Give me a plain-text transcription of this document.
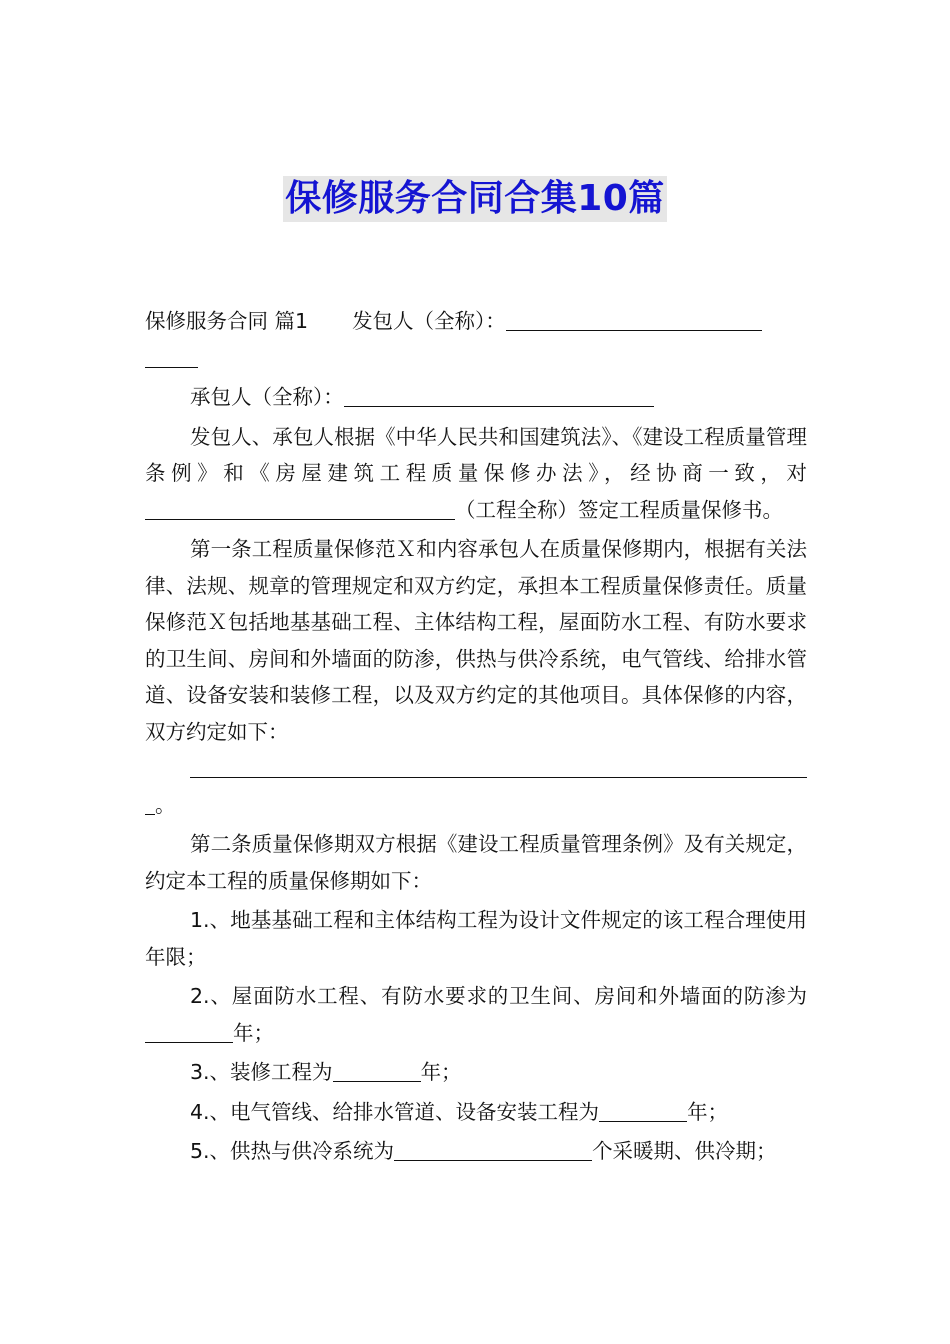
保修服务合同合集10篇

保修服务合同 篇1 发包人（全称）：

承包人（全称）：

发包人、承包人根据《中华人民共和国建筑法》、《建设工程质量管理条例》和《房屋建筑工程质量保修办法》，经协商一致，对（工程全称）签定工程质量保修书。

第一条工程质量保修范Ｘ和内容承包人在质量保修期内，根据有关法律、法规、规章的管理规定和双方约定，承担本工程质量保修责任。质量保修范Ｘ包括地基基础工程、主体结构工程，屋面防水工程、有防水要求的卫生间、房间和外墙面的防渗，供热与供冷系统，电气管线、给排水管道、设备安装和装修工程，以及双方约定的其他项目。具体保修的内容，双方约定如下：

。

第二条质量保修期双方根据《建设工程质量管理条例》及有关规定，约定本工程的质量保修期如下：

1.、地基基础工程和主体结构工程为设计文件规定的该工程合理使用年限；

2.、屋面防水工程、有防水要求的卫生间、房间和外墙面的防渗为年；

3.、装修工程为	年；

4.、电气管线、给排水管道、设备安装工程为	年；

5.、供热与供冷系统为	个采暖期、供冷期；
